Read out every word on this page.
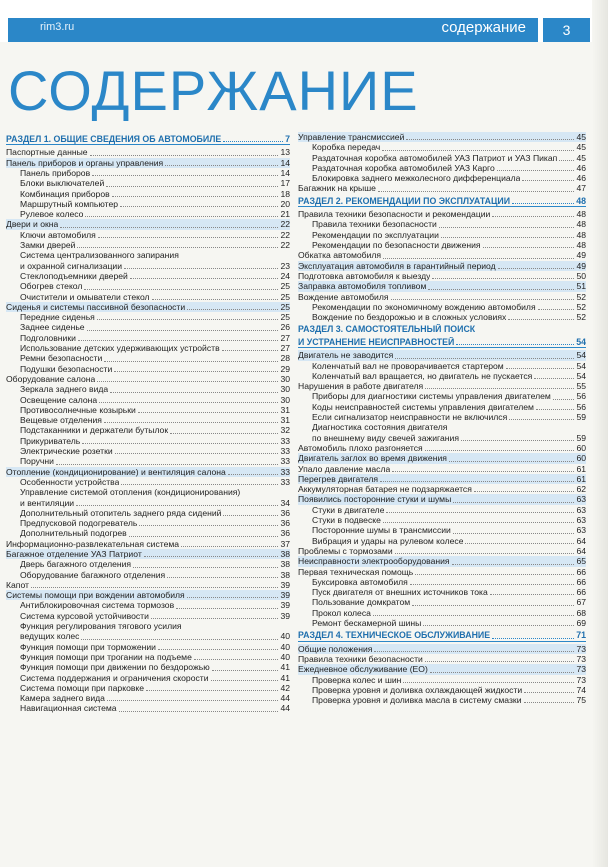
rim3.ru	содержание	3
СОДЕРЖАНИЕ
РАЗДЕЛ 1. ОБЩИЕ СВЕДЕНИЯ ОБ АВТОМОБИЛЕ	7
Паспортные данные	13
Панель приборов и органы управления	14
Панель приборов	14
Блоки выключателей	17
Комбинация приборов	18
Маршрутный компьютер	20
Рулевое колесо	21
Двери и окна	22
Ключи автомобиля	22
Замки дверей	22
Система централизованного запирания
и охранной сигнализации	23
Стеклоподъемники дверей	24
Обогрев стекол	25
Очистители и омыватели стекол	25
Сиденья и системы пассивной безопасности	25
Передние сиденья	25
Заднее сиденье	26
Подголовники	27
Использование детских удерживающих устройств	27
Ремни безопасности	28
Подушки безопасности	29
Оборудование салона	30
Зеркала заднего вида	30
Освещение салона	30
Противосолнечные козырьки	31
Вещевые отделения	31
Подстаканники и держатели бутылок	32
Прикуриватель	33
Электрические розетки	33
Поручни	33
Отопление (кондиционирование) и вентиляция салона	33
Особенности устройства	33
Управление системой отопления (кондиционирования)
и вентиляции	34
Дополнительный отопитель заднего ряда сидений	36
Предпусковой подогреватель	36
Дополнительный подогрев	36
Информационно-развлекательная система	37
Багажное отделение УАЗ Патриот	38
Дверь багажного отделения	38
Оборудование багажного отделения	38
Капот	39
Системы помощи при вождении автомобиля	39
Антиблокировочная система тормозов	39
Система курсовой устойчивости	39
Функция регулирования тягового усилия
ведущих колес	40
Функция помощи при торможении	40
Функция помощи при трогании на подъеме	40
Функция помощи при движении по бездорожью	41
Система поддержания и ограничения скорости	41
Система помощи при парковке	42
Камера заднего вида	44
Навигационная система	44
Управление трансмиссией	45
Коробка передач	45
Раздаточная коробка автомобилей УАЗ Патриот и УАЗ Пикап 45
Раздаточная коробка автомобилей УАЗ Карго	46
Блокировка заднего межколесного дифференциала	46
Багажник на крыше	47
РАЗДЕЛ 2. РЕКОМЕНДАЦИИ ПО ЭКСПЛУАТАЦИИ	48
Правила техники безопасности и рекомендации	48
Правила техники безопасности	48
Рекомендации по эксплуатации	48
Рекомендации по безопасности движения	48
Обкатка автомобиля	49
Эксплуатация автомобиля в гарантийный период	49
Подготовка автомобиля к выезду	50
Заправка автомобиля топливом	51
Вождение автомобиля	52
Рекомендации по экономичному вождению автомобиля	52
Вождение по бездорожью и в сложных условиях	52
РАЗДЕЛ 3. САМОСТОЯТЕЛЬНЫЙ ПОИСК
И УСТРАНЕНИЕ НЕИСПРАВНОСТЕЙ	54
Двигатель не заводится	54
Коленчатый вал не проворачивается стартером	54
Коленчатый вал вращается, но двигатель не пускается	54
Нарушения в работе двигателя	55
Приборы для диагностики системы управления двигателем	56
Коды неисправностей системы управления двигателем	56
Если сигнализатор неисправности не включился	59
Диагностика состояния двигателя
по внешнему виду свечей зажигания	59
Автомобиль плохо разгоняется	60
Двигатель заглох во время движения	60
Упало давление масла	61
Перегрев двигателя	61
Аккумуляторная батарея не подзаряжается	62
Появились посторонние стуки и шумы	63
Стуки в двигателе	63
Стуки в подвеске	63
Посторонние шумы в трансмиссии	63
Вибрация и удары на рулевом колесе	64
Проблемы с тормозами	64
Неисправности электрооборудования	65
Первая техническая помощь	66
Буксировка автомобиля	66
Пуск двигателя от внешних источников тока	66
Пользование домкратом	67
Прокол колеса	68
Ремонт бескамерной шины	69
РАЗДЕЛ 4. ТЕХНИЧЕСКОЕ ОБСЛУЖИВАНИЕ	71
Общие положения	73
Правила техники безопасности	73
Ежедневное обслуживание (ЕО)	73
Проверка колес и шин	73
Проверка уровня и доливка охлаждающей жидкости	74
Проверка уровня и доливка масла в систему смазки	75
